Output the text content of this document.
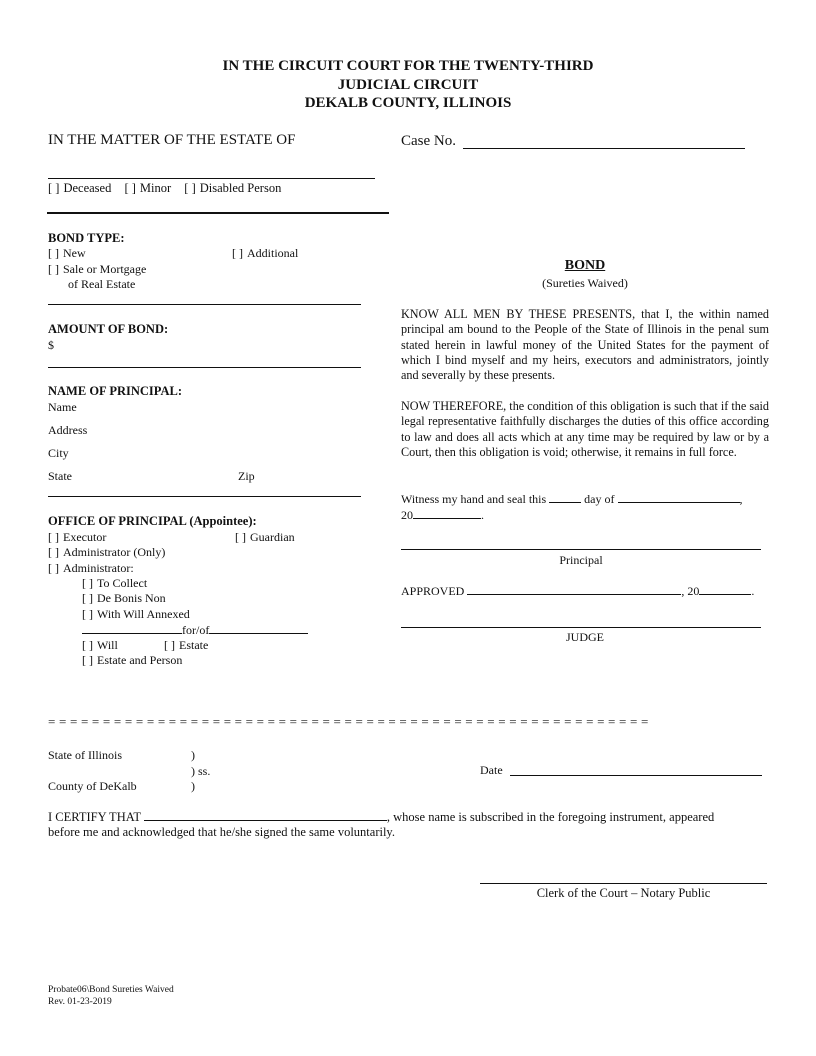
IN THE CIRCUIT COURT FOR THE TWENTY-THIRD
JUDICIAL CIRCUIT
DEKALB COUNTY, ILLINOIS
IN THE MATTER OF THE ESTATE OF	Case No.
[ ] Deceased [ ] Minor [ ] Disabled Person
BOND TYPE:
[ ] New	[ ] Additional
[ ] Sale or Mortgage
of Real Estate
AMOUNT OF BOND:
$
NAME OF PRINCIPAL:
Name
Address
City
State	Zip
OFFICE OF PRINCIPAL (Appointee):
[ ] Executor	[ ] Guardian
[ ] Administrator (Only)
[ ] Administrator:
[ ] To Collect
[ ] De Bonis Non
[ ] With Will Annexed
for/of
[ ] Will	[ ] Estate
[ ] Estate and Person
BOND
(Sureties Waived)
KNOW ALL MEN BY THESE PRESENTS, that I, the within named principal am bound to the People of the State of Illinois in the penal sum stated herein in lawful money of the United States for the payment of which I bind myself and my heirs, executors and administrators, jointly and severally by these presents.
NOW THEREFORE, the condition of this obligation is such that if the said legal representative faithfully discharges the duties of this office according to law and does all acts which at any time may be required by law or by a Court, then this obligation is void; otherwise, it remains in full force.
Witness my hand and seal this	day of	,
20	.
Principal
APPROVED	, 20	.
JUDGE
= = = = = = = = = = = = = = = = = = = = = = = = = = = = = = = = = = = = = = = = = = = = = = = = = = = = = = =
State of Illinois	)
) ss.
County of DeKalb	)
Date
I CERTIFY THAT	, whose name is subscribed in the foregoing instrument, appeared
before me and acknowledged that he/she signed the same voluntarily.
Clerk of the Court – Notary Public
Probate06\Bond Sureties Waived
Rev. 01-23-2019
